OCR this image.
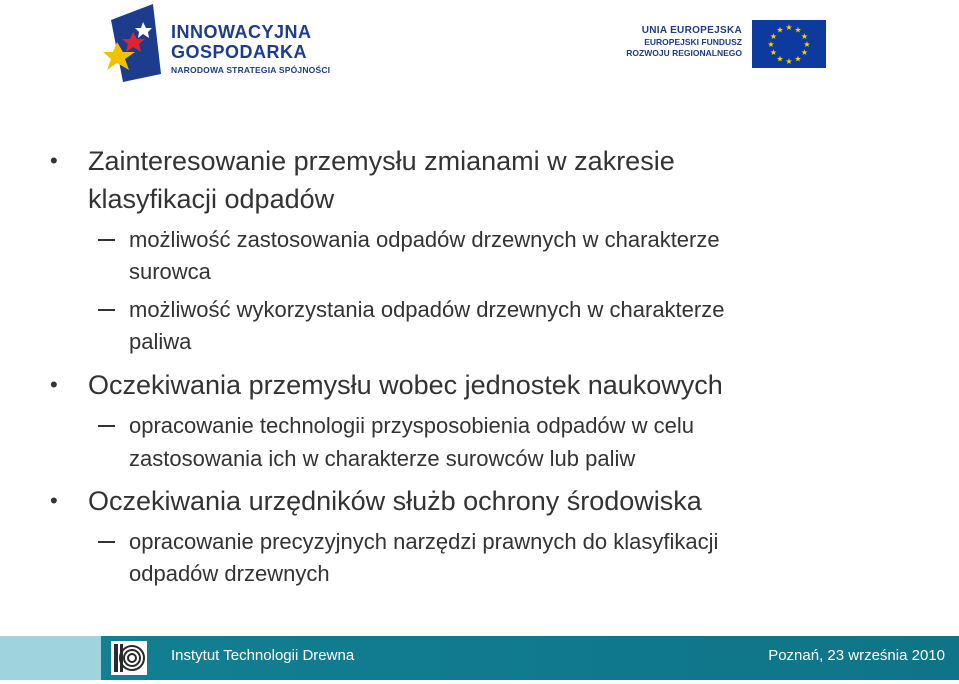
INNOWACYJNA
GOSPODARKA
NARODOWA STRATEGIA SPÓJNOŚCI
UNIA EUROPEJSKA
EUROPEJSKI FUNDUSZ
ROZWOJU REGIONALNEGO
★ ★
★
★
★
★
★
★
★
★
★
★
• Zainteresowanie przemysłu zmianami w zakresie
klasyfikacji odpadów
możliwość zastosowania odpadów drzewnych w charakterze
surowca
możliwość wykorzystania odpadów drzewnych w charakterze
paliwa
• Oczekiwania przemysłu wobec jednostek naukowych
opracowanie technologii przysposobienia odpadów w celu
zastosowania ich w charakterze surowców lub paliw
• Oczekiwania urzędników służb ochrony środowiska
opracowanie precyzyjnych narzędzi prawnych do klasyfikacji
odpadów drzewnych
Instytut Technologii Drewna	Poznań, 23 września 2010
